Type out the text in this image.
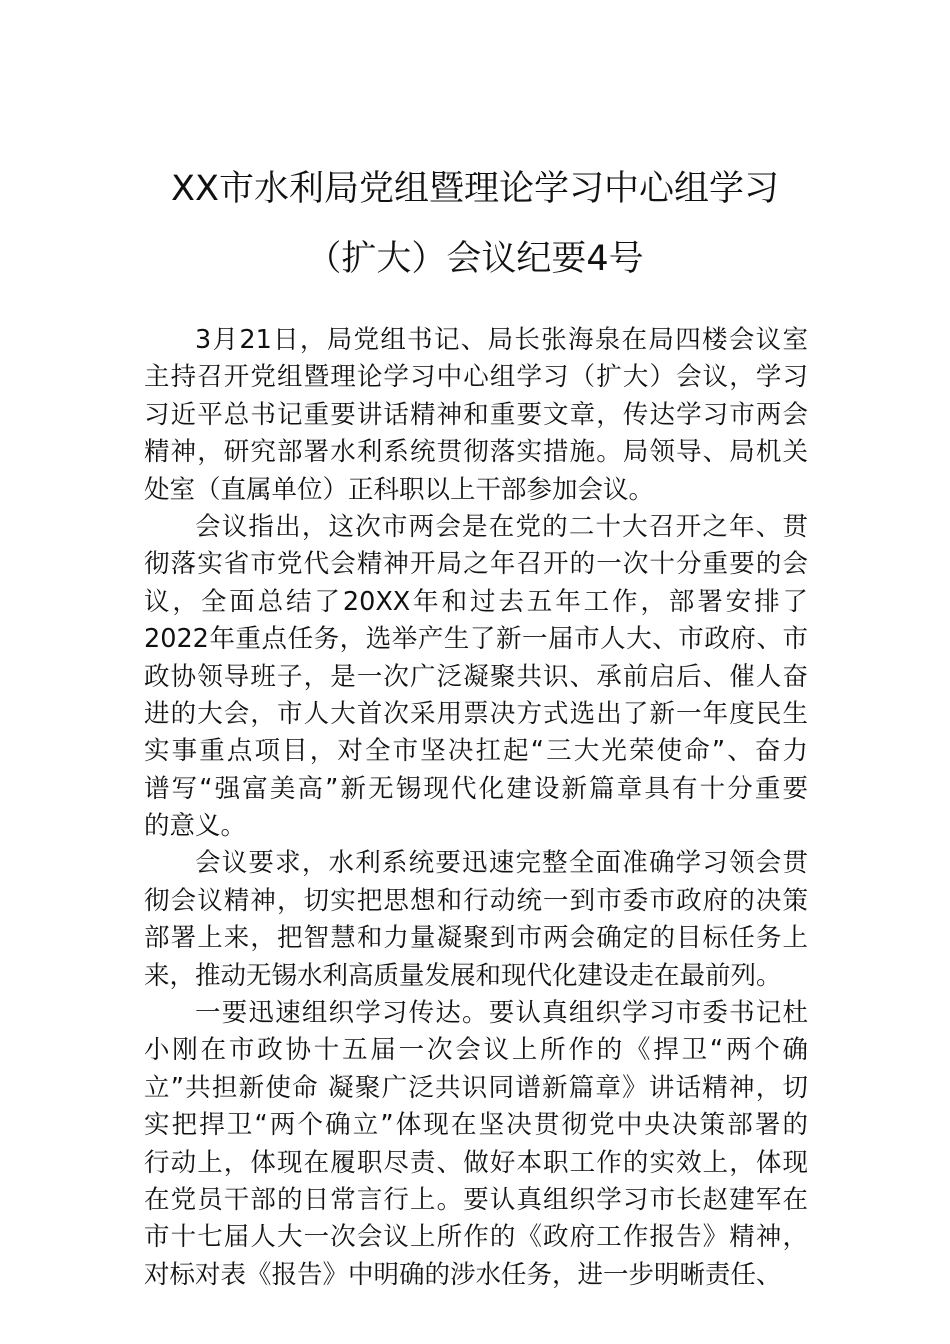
XX市水利局党组暨理论学习中心组学习
（扩大）会议纪要4号
3月21日，局党组书记、局长张海泉在局四楼会议室
主持召开党组暨理论学习中心组学习（扩大）会议，学习
习近平总书记重要讲话精神和重要文章，传达学习市两会
精神，研究部署水利系统贯彻落实措施。局领导、局机关
处室（直属单位）正科职以上干部参加会议。
会议指出，这次市两会是在党的二十大召开之年、贯
彻落实省市党代会精神开局之年召开的一次十分重要的会
议，全面总结了20XX年和过去五年工作，部署安排了
2022年重点任务，选举产生了新一届市人大、市政府、市
政协领导班子，是一次广泛凝聚共识、承前启后、催人奋
进的大会，市人大首次采用票决方式选出了新一年度民生
实事重点项目，对全市坚决扛起“三大光荣使命”、奋力
谱写“强富美高”新无锡现代化建设新篇章具有十分重要
的意义。
会议要求，水利系统要迅速完整全面准确学习领会贯
彻会议精神，切实把思想和行动统一到市委市政府的决策
部署上来，把智慧和力量凝聚到市两会确定的目标任务上
来，推动无锡水利高质量发展和现代化建设走在最前列。
一要迅速组织学习传达。要认真组织学习市委书记杜
小刚在市政协十五届一次会议上所作的《捍卫“两个确
立”共担新使命 凝聚广泛共识同谱新篇章》讲话精神，切
实把捍卫“两个确立”体现在坚决贯彻党中央决策部署的
行动上，体现在履职尽责、做好本职工作的实效上，体现
在党员干部的日常言行上。要认真组织学习市长赵建军在
市十七届人大一次会议上所作的《政府工作报告》精神，
对标对表《报告》中明确的涉水任务，进一步明晰责任、
